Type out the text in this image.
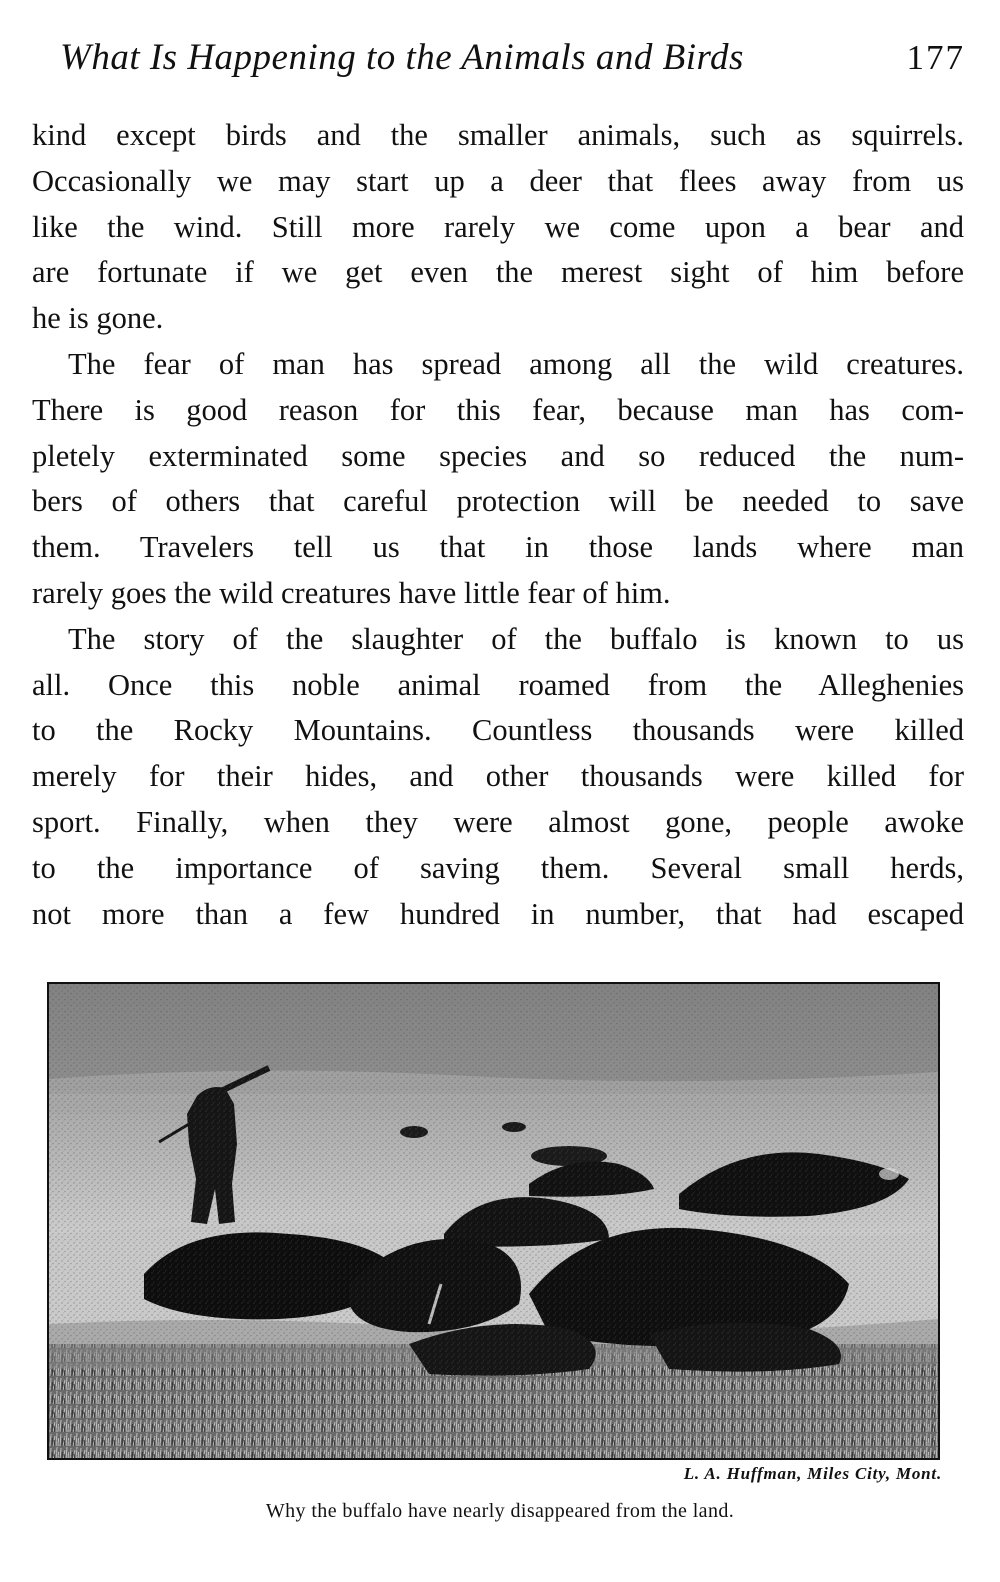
What Is Happening to the Animals and Birds	177
kind except birds and the smaller animals, such as squirrels.
Occasionally we may start up a deer that flees away from us
like the wind. Still more rarely we come upon a bear and
are fortunate if we get even the merest sight of him before
he is gone.
The fear of man has spread among all the wild creatures.
There is good reason for this fear, because man has com-
pletely exterminated some species and so reduced the num-
bers of others that careful protection will be needed to save
them. Travelers tell us that in those lands where man
rarely goes the wild creatures have little fear of him.
The story of the slaughter of the buffalo is known to us
all. Once this noble animal roamed from the Alleghenies
to the Rocky Mountains. Countless thousands were killed
merely for their hides, and other thousands were killed for
sport. Finally, when they were almost gone, people awoke
to the importance of saving them. Several small herds,
not more than a few hundred in number, that had escaped
L. A. Huffman, Miles City, Mont.
Why the buffalo have nearly disappeared from the land.
